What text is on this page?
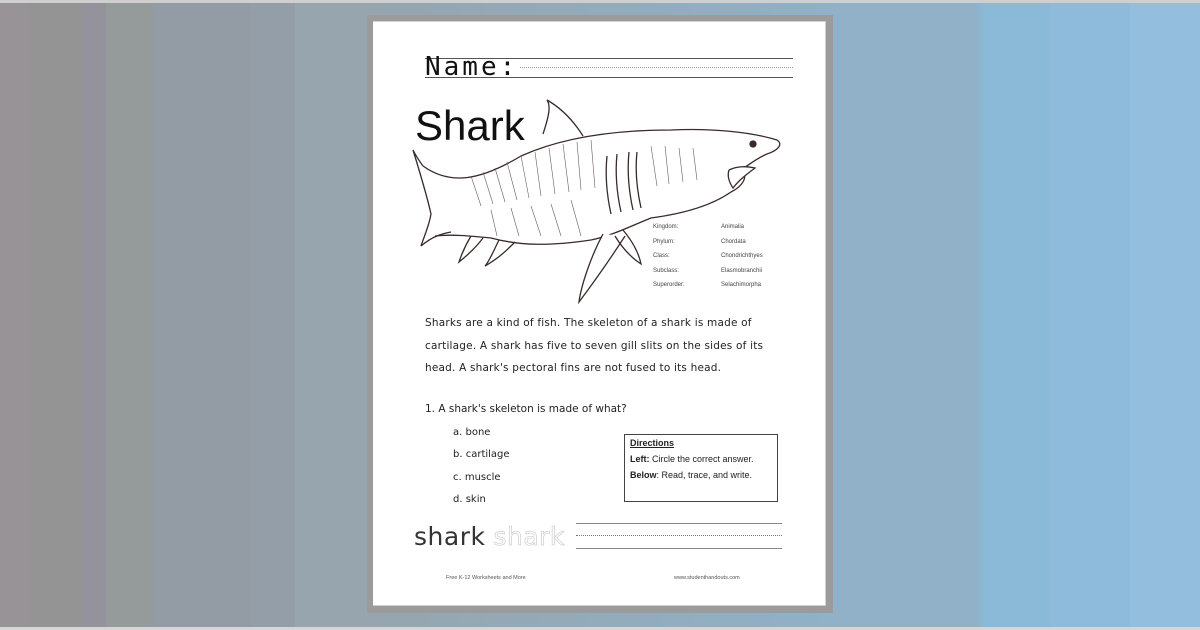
Name:
Shark
Kingdom:	Animalia
Phylum:	Chordata
Class:	Chondrichthyes
Subclass:	Elasmobranchii
Superorder:	Selachimorpha
Sharks are a kind of fish. The skeleton of a shark is made of
cartilage. A shark has five to seven gill slits on the sides of its
head. A shark's pectoral fins are not fused to its head.
1. A shark's skeleton is made of what?
a. bone
b. cartilage
c. muscle
d. skin
Directions
Left: Circle the correct answer.
Below: Read, trace, and write.
shark shark
Free K-12 Worksheets and More	www.studenthandouts.com
